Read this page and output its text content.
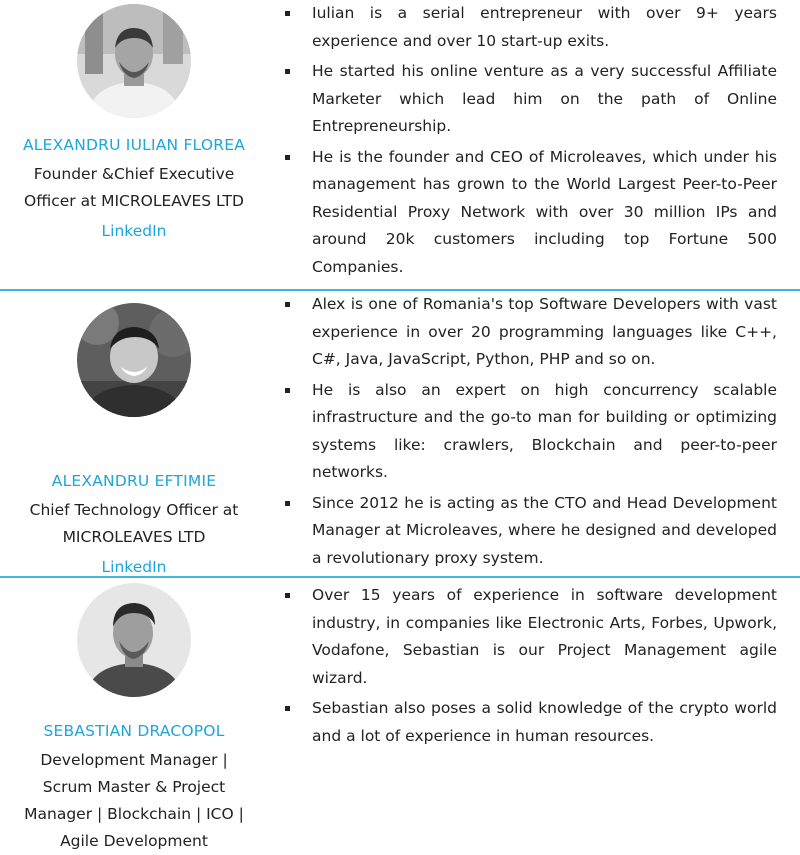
ALEXANDRU IULIAN FLOREA
Founder &Chief Executive
Officer at MICROLEAVES LTD
LinkedIn
Iulian is a serial entrepreneur with over 9+ years experience and over 10 start-up exits.
He started his online venture as a very successful Affiliate Marketer which lead him on the path of Online Entrepreneurship.
He is the founder and CEO of Microleaves, which under his management has grown to the World Largest Peer-to-Peer Residential Proxy Network with over 30 million IPs and around 20k customers including top Fortune 500 Companies.
ALEXANDRU EFTIMIE
Chief Technology Officer at
MICROLEAVES LTD
LinkedIn
Alex is one of Romania's top Software Developers with vast experience in over 20 programming languages like C++, C#, Java, JavaScript, Python, PHP and so on.
He is also an expert on high concurrency scalable infrastructure and the go-to man for building or optimizing systems like: crawlers, Blockchain and peer-to-peer networks.
Since 2012 he is acting as the CTO and Head Development Manager at Microleaves, where he designed and developed a revolutionary proxy system.
SEBASTIAN DRACOPOL
Development Manager |
Scrum Master & Project
Manager | Blockchain | ICO |
Agile Development
Over 15 years of experience in software development industry, in companies like Electronic Arts, Forbes, Upwork, Vodafone, Sebastian is our Project Management agile wizard.
Sebastian also poses a solid knowledge of the crypto world and a lot of experience in human resources.
